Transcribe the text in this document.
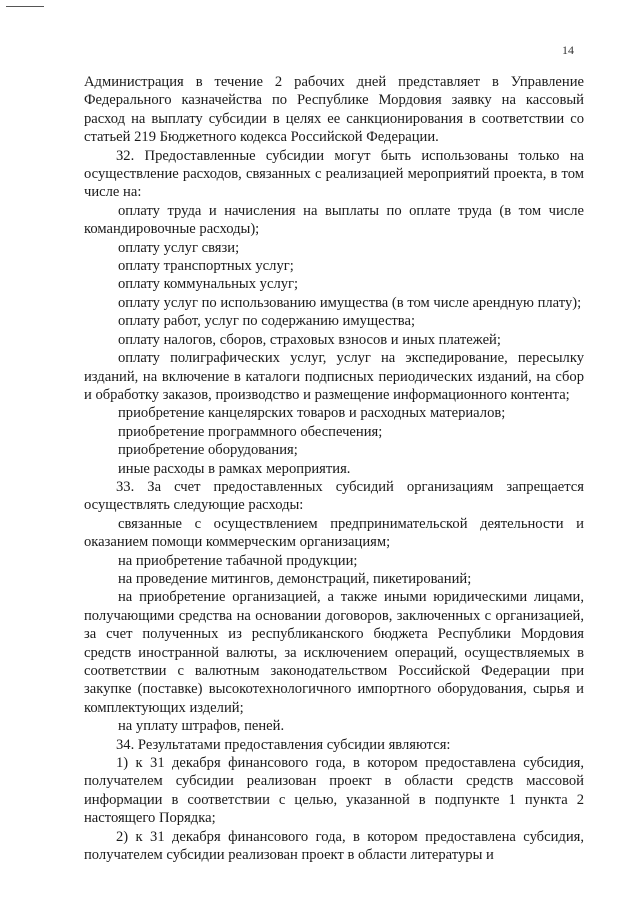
14

Администрация в течение 2 рабочих дней представляет в Управление Федерального казначейства по Республике Мордовия заявку на кассовый расход на выплату субсидии в целях ее санкционирования в соответствии со статьей 219 Бюджетного кодекса Российской Федерации.

32. Предоставленные субсидии могут быть использованы только на осуществление расходов, связанных с реализацией мероприятий проекта, в том числе на:

оплату труда и начисления на выплаты по оплате труда (в том числе командировочные расходы);

оплату услуг связи;

оплату транспортных услуг;

оплату коммунальных услуг;

оплату услуг по использованию имущества (в том числе арендную плату);

оплату работ, услуг по содержанию имущества;

оплату налогов, сборов, страховых взносов и иных платежей;

оплату полиграфических услуг, услуг на экспедирование, пересылку изданий, на включение в каталоги подписных периодических изданий, на сбор и обработку заказов, производство и размещение информационного контента;

приобретение канцелярских товаров и расходных материалов;

приобретение программного обеспечения;

приобретение оборудования;

иные расходы в рамках мероприятия.

33. За счет предоставленных субсидий организациям запрещается осуществлять следующие расходы:

связанные с осуществлением предпринимательской деятельности и оказанием помощи коммерческим организациям;

на приобретение табачной продукции;

на проведение митингов, демонстраций, пикетирований;

на приобретение организацией, а также иными юридическими лицами, получающими средства на основании договоров, заключенных с организацией, за счет полученных из республиканского бюджета Республики Мордовия средств иностранной валюты, за исключением операций, осуществляемых в соответствии с валютным законодательством Российской Федерации при закупке (поставке) высокотехнологичного импортного оборудования, сырья и комплектующих изделий;

на уплату штрафов, пеней.

34. Результатами предоставления субсидии являются:

1) к 31 декабря финансового года, в котором предоставлена субсидия, получателем субсидии реализован проект в области средств массовой информации в соответствии с целью, указанной в подпункте 1 пункта 2 настоящего Порядка;

2) к 31 декабря финансового года, в котором предоставлена субсидия, получателем субсидии реализован проект в области литературы и
